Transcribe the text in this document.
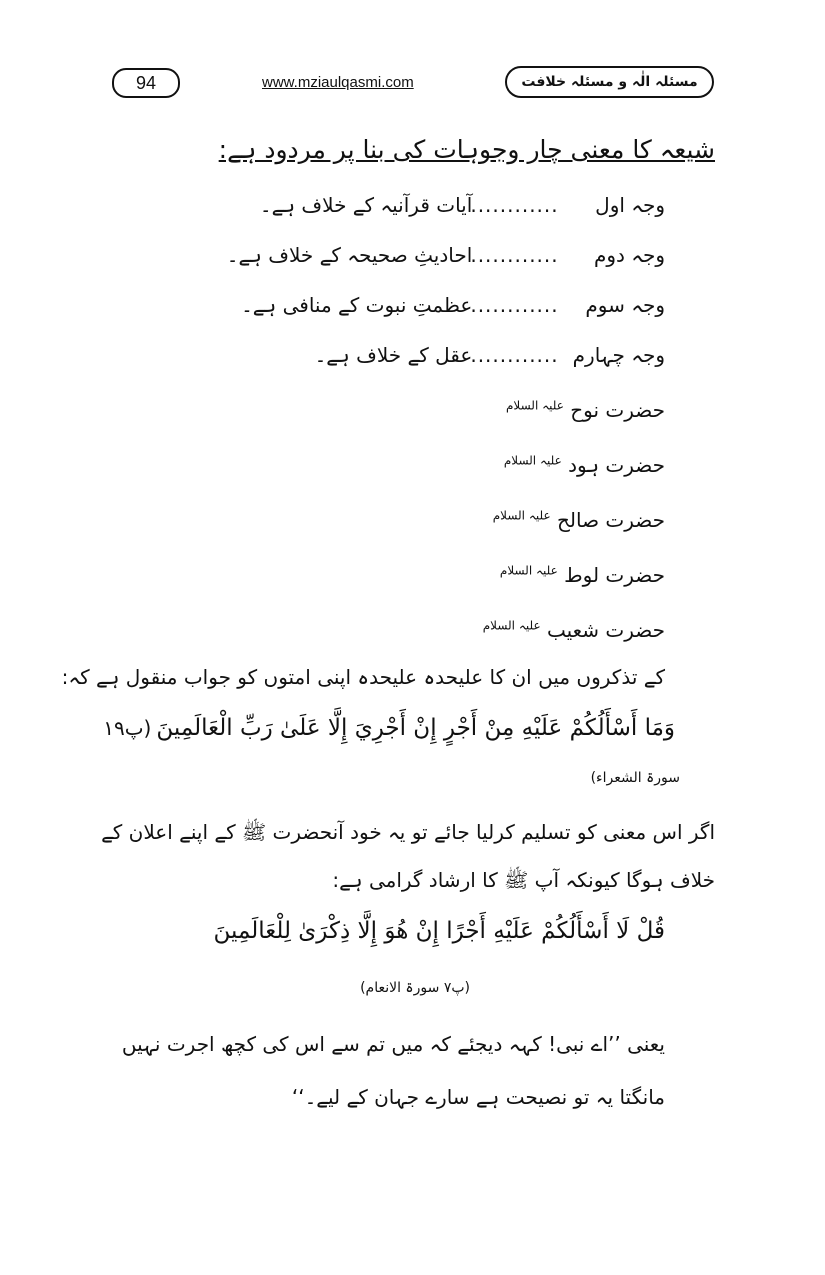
94	www.mziaulqasmi.com	مسئلہ الٰہ و مسئلہ خلافت
شیعہ کا معنی چار وجوہات کی بنا پر مردود ہے:
وجہ اول ............ آیات قرآنیہ کے خلاف ہے۔
وجہ دوم ............ احادیثِ صحیحہ کے خلاف ہے۔
وجہ سوم ............ عظمتِ نبوت کے منافی ہے۔
وجہ چہارم ............ عقل کے خلاف ہے۔
حضرت نوح $^{علیہ السلام}$
حضرت ہود $^{علیہ السلام}$
حضرت صالح $^{علیہ السلام}$
حضرت لوط $^{علیہ السلام}$
حضرت شعیب $^{علیہ السلام}$
کے تذکروں میں ان کا علیحدہ علیحدہ اپنی امتوں کو جواب منقول ہے کہ:
وَمَا أَسْأَلُكُمْ عَلَيْهِ مِنْ أَجْرٍ إِنْ أَجْرِيَ إِلَّا عَلَىٰ رَبِّ الْعَالَمِينَ (پ۱۹
سورۃ الشعراء)
اگر اس معنی کو تسلیم کرلیا جائے تو یہ خود آنحضرت ﷺ کے اپنے اعلان کے
خلاف ہوگا کیونکہ آپ ﷺ کا ارشاد گرامی ہے:
قُلْ لَا أَسْأَلُكُمْ عَلَيْهِ أَجْرًا إِنْ هُوَ إِلَّا ذِكْرَىٰ لِلْعَالَمِينَ
(پ۷ سورۃ الانعام)
یعنی ’’اے نبی! کہہ دیجئے کہ میں تم سے اس کی کچھ اجرت نہیں
مانگتا یہ تو نصیحت ہے سارے جہان کے لیے۔‘‘
